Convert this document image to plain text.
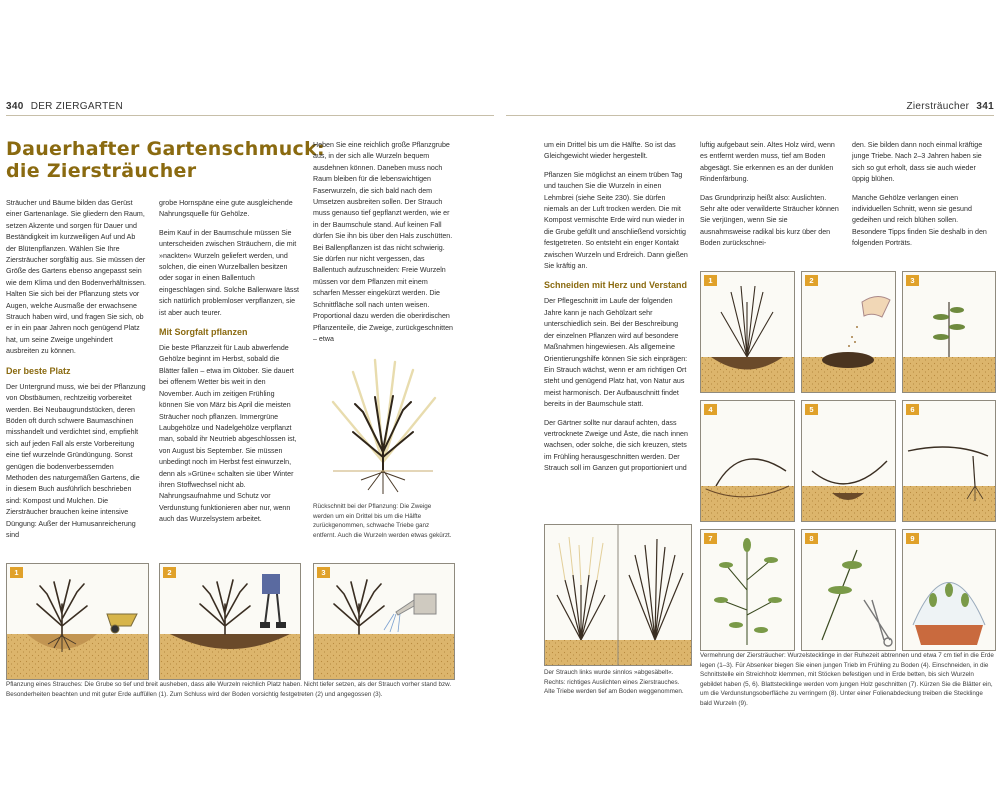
340 DER ZIERGARTEN	Ziersträucher 341
Dauerhafter Gartenschmuck:
die Ziersträucher

Sträucher und Bäume bilden das Gerüst einer Gartenanlage. Sie gliedern den Raum, setzen Akzente und sorgen für Dauer und Beständigkeit im kurzweiligen Auf und Ab der Blütenpflanzen. Wählen Sie Ihre Ziersträucher sorgfältig aus. Sie müssen der Größe des Gartens ebenso angepasst sein wie dem Klima und den Bodenverhältnissen. Halten Sie sich bei der Pflanzung stets vor Augen, welche Ausmaße der erwachsene Strauch haben wird, und fragen Sie sich, ob er in ein paar Jahren noch genügend Platz hat, um seine Zweige ungehindert ausbreiten zu können.

Der beste Platz

Der Untergrund muss, wie bei der Pflanzung von Obstbäumen, rechtzeitig vorbereitet werden. Bei Neubaugrundstücken, deren Böden oft durch schwere Baumaschinen misshandelt und verdichtet sind, empfiehlt sich auf jeden Fall als erste Vorbereitung eine tief wurzelnde Gründüngung. Sonst genügen die bodenverbessernden Methoden des naturgemäßen Gartens, die in diesem Buch ausführlich beschrieben sind: Kompost und Mulchen. Die Ziersträucher brauchen keine intensive Düngung: Außer der Humusanreicherung sind

grobe Hornspäne eine gute ausgleichende Nahrungsquelle für Gehölze.

Beim Kauf in der Baumschule müssen Sie unterscheiden zwischen Sträuchern, die mit »nackten« Wurzeln geliefert werden, und solchen, die einen Wurzelballen besitzen oder sogar in einen Ballentuch eingeschlagen sind. Solche Ballenware lässt sich natürlich problemloser verpflanzen, sie ist aber auch teurer.

Mit Sorgfalt pflanzen

Die beste Pflanzzeit für Laub abwerfende Gehölze beginnt im Herbst, sobald die Blätter fallen – etwa im Oktober. Sie dauert bei offenem Wetter bis weit in den November. Auch im zeitigen Frühling können Sie von März bis April die meisten Sträucher noch pflanzen. Immergrüne Laubgehölze und Nadelgehölze verpflanzt man, sobald ihr Neutrieb abgeschlossen ist, von August bis September. Sie müssen unbedingt noch im Herbst fest einwurzeln, denn als »Grüne« schalten sie über Winter ihren Stoffwechsel nicht ab. Nahrungsaufnahme und Schutz vor Verdunstung funktionieren aber nur, wenn auch das Wurzelsystem arbeitet.

Heben Sie eine reichlich große Pflanzgrube aus, in der sich alle Wurzeln bequem ausdehnen können. Daneben muss noch Raum bleiben für die lebenswichtigen Faserwurzeln, die sich bald nach dem Umsetzen ausbreiten sollen. Der Strauch muss genauso tief gepflanzt werden, wie er in der Baumschule stand. Auf keinen Fall dürfen Sie ihn bis über den Hals zuschütten. Bei Ballenpflanzen ist das nicht schwierig. Sie dürfen nur nicht vergessen, das Ballentuch aufzuschneiden: Freie Wurzeln müssen vor dem Pflanzen mit einem scharfen Messer eingekürzt werden. Die Schnittfläche soll nach unten weisen. Proportional dazu werden die oberirdischen Pflanzenteile, die Zweige, zurückgeschnitten – etwa

Rückschnitt bei der Pflanzung: Die Zweige werden um ein Drittel bis um die Hälfte zurückgenommen, schwache Triebe ganz entfernt. Auch die Wurzeln werden etwas gekürzt.

um ein Drittel bis um die Hälfte. So ist das Gleichgewicht wieder hergestellt.

Pflanzen Sie möglichst an einem trüben Tag und tauchen Sie die Wurzeln in einen Lehmbrei (siehe Seite 230). Sie dürfen niemals an der Luft trocken werden. Die mit Kompost vermischte Erde wird nun wieder in die Grube gefüllt und anschließend vorsichtig festgetreten. So entsteht ein enger Kontakt zwischen Wurzeln und Erdreich. Dann gießen Sie kräftig an.

Schneiden mit Herz und Verstand

Der Pflegeschnitt im Laufe der folgenden Jahre kann je nach Gehölzart sehr unterschiedlich sein. Bei der Beschreibung der einzelnen Pflanzen wird auf besondere Maßnahmen hingewiesen. Als allgemeine Orientierungshilfe können Sie sich einprägen: Ein Strauch wächst, wenn er am richtigen Ort steht und genügend Platz hat, von Natur aus meist harmonisch. Der Aufbauschnitt findet bereits in der Baumschule statt.

Der Gärtner sollte nur darauf achten, dass vertrocknete Zweige und Äste, die nach innen wachsen, oder solche, die sich kreuzen, stets im Frühling herausgeschnitten werden. Der Strauch soll im Ganzen gut proportioniert und

luftig aufgebaut sein. Altes Holz wird, wenn es entfernt werden muss, tief am Boden abgesägt. Sie erkennen es an der dunklen Rindenfärbung.

Das Grundprinzip heißt also: Auslichten. Sehr alte oder verwilderte Sträucher können Sie verjüngen, wenn Sie sie ausnahmsweise radikal bis kurz über den Boden zurückschnei-

den. Sie bilden dann noch einmal kräftige junge Triebe. Nach 2–3 Jahren haben sie sich so gut erholt, dass sie auch wieder üppig blühen.

Manche Gehölze verlangen einen individuellen Schnitt, wenn sie gesund gedeihen und reich blühen sollen. Besondere Tipps finden Sie deshalb in den folgenden Porträts.

1	2	3
Pflanzung eines Strauches: Die Grube so tief und breit ausheben, dass alle Wurzeln reichlich Platz haben. Nicht tiefer setzen, als der Strauch vorher stand bzw. Besonderheiten beachten und mit guter Erde auffüllen (1). Zum Schluss wird der Boden vorsichtig festgetreten (2) und angegossen (3).
Der Strauch links wurde sinnlos »abgesäbelt«. Rechts: richtiges Auslichten eines Zierstrauches. Alte Triebe werden tief am Boden weggenommen.
1	2	3
4	5	6
7	8	9
Vermehrung der Ziersträucher: Wurzelstecklinge in der Ruhezeit abtrennen und etwa 7 cm tief in die Erde legen (1–3). Für Absenker biegen Sie einen jungen Trieb im Frühling zu Boden (4). Einschneiden, in die Schnittstelle ein Streichholz klemmen, mit Stöcken befestigen und in Erde betten, bis sich Wurzeln gebildet haben (5, 6). Blattstecklinge werden vom jungen Holz geschnitten (7). Kürzen Sie die Blätter ein, um die Verdunstungsoberfläche zu verringern (8). Unter einer Folienabdeckung treiben die Stecklinge bald Wurzeln (9).
